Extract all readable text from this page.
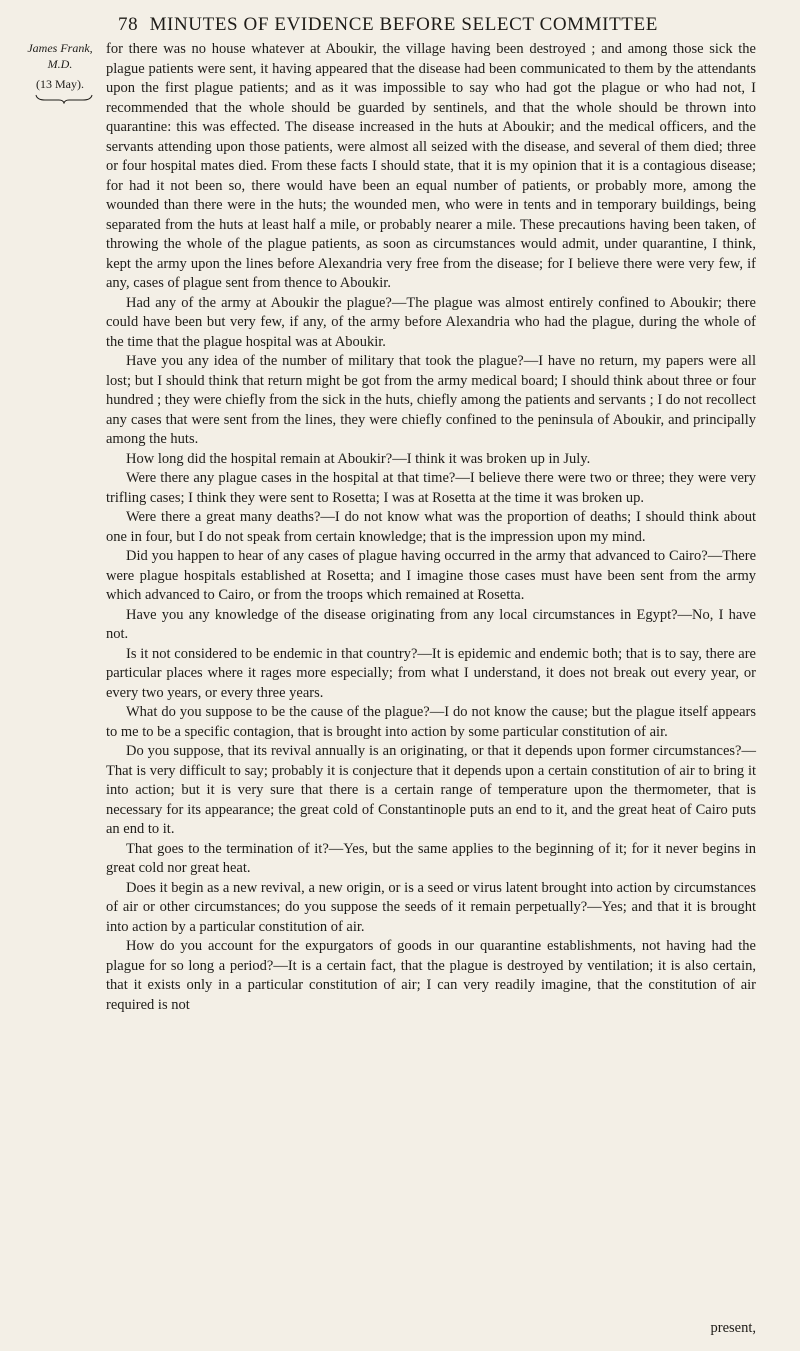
78 MINUTES OF EVIDENCE BEFORE SELECT COMMITTEE
James Frank,
M.D.
(13 May).

for there was no house whatever at Aboukir, the village having been destroyed ; and among those sick the plague patients were sent, it having appeared that the disease had been communicated to them by the attendants upon the first plague patients; and as it was impossible to say who had got the plague or who had not, I recommended that the whole should be guarded by sentinels, and that the whole should be thrown into quarantine: this was effected. The disease increased in the huts at Aboukir; and the medical officers, and the servants attending upon those patients, were almost all seized with the disease, and several of them died; three or four hospital mates died. From these facts I should state, that it is my opinion that it is a contagious disease; for had it not been so, there would have been an equal number of patients, or probably more, among the wounded than there were in the huts; the wounded men, who were in tents and in temporary buildings, being separated from the huts at least half a mile, or probably nearer a mile. These precautions having been taken, of throwing the whole of the plague patients, as soon as circumstances would admit, under quarantine, I think, kept the army upon the lines before Alexandria very free from the disease; for I believe there were very few, if any, cases of plague sent from thence to Aboukir.

Had any of the army at Aboukir the plague?—The plague was almost entirely confined to Aboukir; there could have been but very few, if any, of the army before Alexandria who had the plague, during the whole of the time that the plague hospital was at Aboukir.

Have you any idea of the number of military that took the plague?—I have no return, my papers were all lost; but I should think that return might be got from the army medical board; I should think about three or four hundred ; they were chiefly from the sick in the huts, chiefly among the patients and servants ; I do not recollect any cases that were sent from the lines, they were chiefly confined to the peninsula of Aboukir, and principally among the huts.

How long did the hospital remain at Aboukir?—I think it was broken up in July.

Were there any plague cases in the hospital at that time?—I believe there were two or three; they were very trifling cases; I think they were sent to Rosetta; I was at Rosetta at the time it was broken up.

Were there a great many deaths?—I do not know what was the proportion of deaths; I should think about one in four, but I do not speak from certain knowledge; that is the impression upon my mind.

Did you happen to hear of any cases of plague having occurred in the army that advanced to Cairo?—There were plague hospitals established at Rosetta; and I imagine those cases must have been sent from the army which advanced to Cairo, or from the troops which remained at Rosetta.

Have you any knowledge of the disease originating from any local circumstances in Egypt?—No, I have not.

Is it not considered to be endemic in that country?—It is epidemic and endemic both; that is to say, there are particular places where it rages more especially; from what I understand, it does not break out every year, or every two years, or every three years.

What do you suppose to be the cause of the plague?—I do not know the cause; but the plague itself appears to me to be a specific contagion, that is brought into action by some particular constitution of air.

Do you suppose, that its revival annually is an originating, or that it depends upon former circumstances?—That is very difficult to say; probably it is conjecture that it depends upon a certain constitution of air to bring it into action; but it is very sure that there is a certain range of temperature upon the thermometer, that is necessary for its appearance; the great cold of Constantinople puts an end to it, and the great heat of Cairo puts an end to it.

That goes to the termination of it?—Yes, but the same applies to the beginning of it; for it never begins in great cold nor great heat.

Does it begin as a new revival, a new origin, or is a seed or virus latent brought into action by circumstances of air or other circumstances; do you suppose the seeds of it remain perpetually?—Yes; and that it is brought into action by a particular constitution of air.

How do you account for the expurgators of goods in our quarantine establishments, not having had the plague for so long a period?—It is a certain fact, that the plague is destroyed by ventilation; it is also certain, that it exists only in a particular constitution of air; I can very readily imagine, that the constitution of air required is not

present,
